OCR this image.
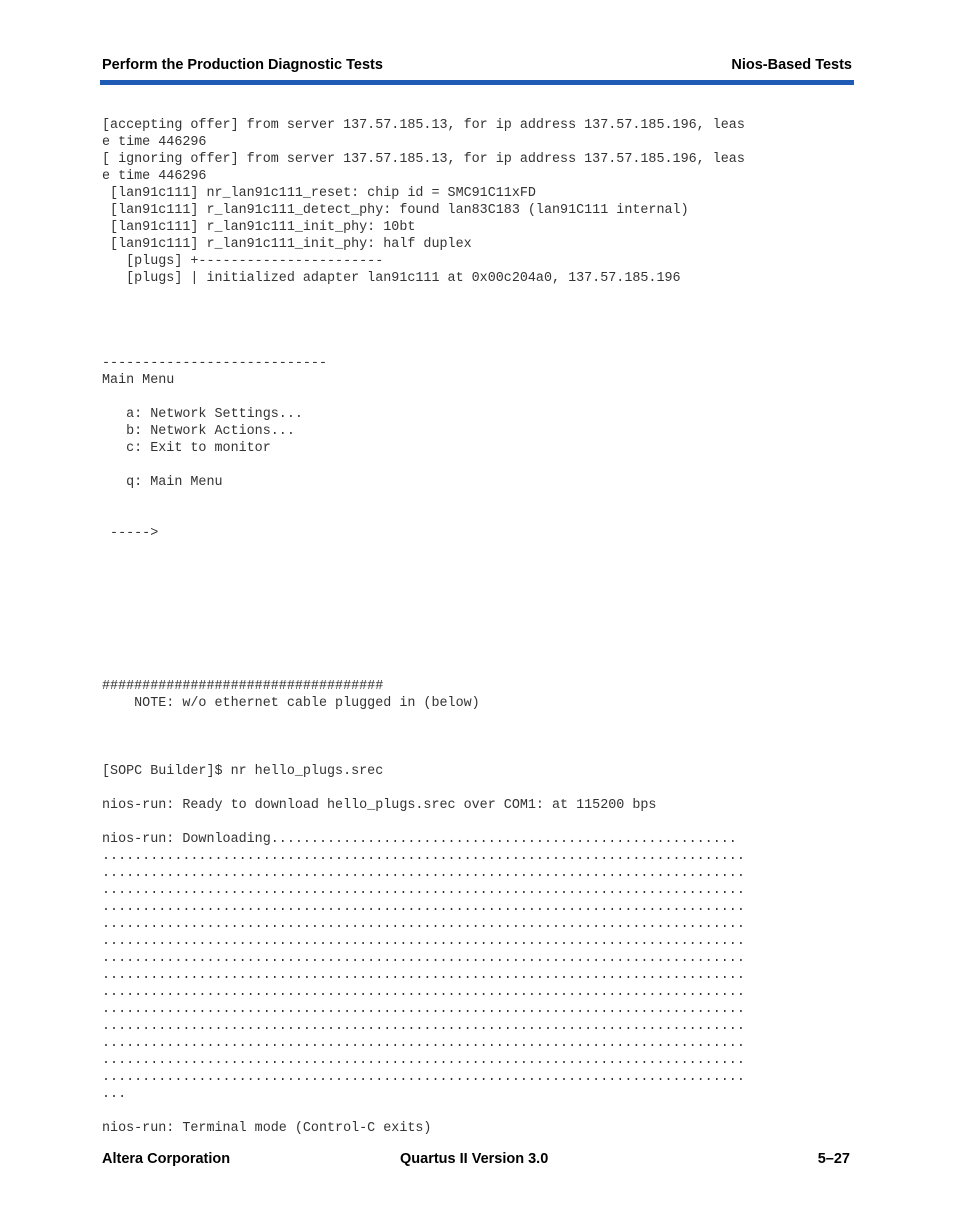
Perform the Production Diagnostic Tests	Nios-Based Tests
[accepting offer] from server 137.57.185.13, for ip address 137.57.185.196, leas
e time 446296
[ ignoring offer] from server 137.57.185.13, for ip address 137.57.185.196, leas
e time 446296
[lan91c111] nr_lan91c111_reset: chip id = SMC91C11xFD
[lan91c111] r_lan91c111_detect_phy: found lan83C183 (lan91C111 internal)
[lan91c111] r_lan91c111_init_phy: 10bt
[lan91c111] r_lan91c111_init_phy: half duplex
[plugs] +-----------------------
[plugs] | initialized adapter lan91c111 at 0x00c204a0, 137.57.185.196

----------------------------
Main Menu

a: Network Settings...
b: Network Actions...
c: Exit to monitor

q: Main Menu

----->

###################################
NOTE: w/o ethernet cable plugged in (below)

[SOPC Builder]$ nr hello_plugs.srec

nios-run: Ready to download hello_plugs.srec over COM1: at 115200 bps

nios-run: Downloading..........................................................
................................................................................
................................................................................
................................................................................
................................................................................
................................................................................
................................................................................
................................................................................
................................................................................
................................................................................
................................................................................
................................................................................
................................................................................
................................................................................
................................................................................
...

nios-run: Terminal mode (Control-C exits)
Altera Corporation	Quartus II Version 3.0	5–27
